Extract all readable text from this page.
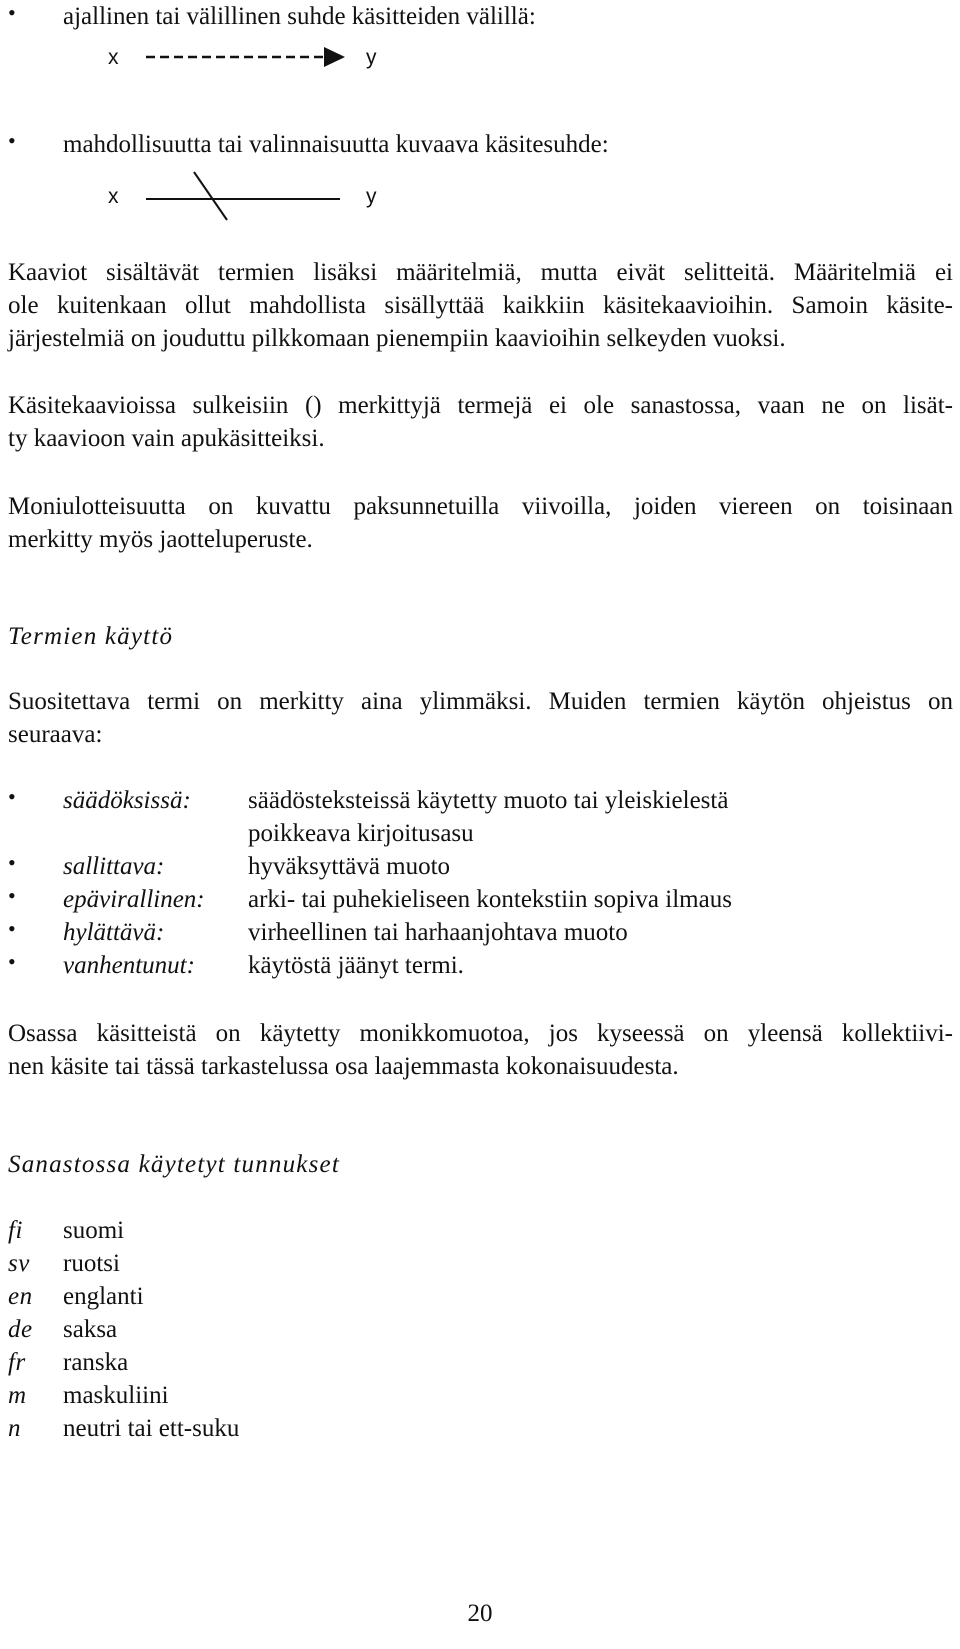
• ajallinen tai välillinen suhde käsitteiden välillä:
x	y
• mahdollisuutta tai valinnaisuutta kuvaava käsitesuhde:
x	y
Kaaviot sisältävät termien lisäksi määritelmiä, mutta eivät selitteitä. Määritelmiä ei
ole kuitenkaan ollut mahdollista sisällyttää kaikkiin käsitekaavioihin. Samoin käsite-
järjestelmiä on jouduttu pilkkomaan pienempiin kaavioihin selkeyden vuoksi.
Käsitekaavioissa sulkeisiin () merkittyjä termejä ei ole sanastossa, vaan ne on lisät-
ty kaavioon vain apukäsitteiksi.
Moniulotteisuutta on kuvattu paksunnetuilla viivoilla, joiden viereen on toisinaan
merkitty myös jaotteluperuste.
Termien käyttö
Suositettava termi on merkitty aina ylimmäksi. Muiden termien käytön ohjeistus on
seuraava:
• säädöksissä: säädösteksteissä käytetty muoto tai yleiskielestä
poikkeava kirjoitusasu
• sallittava:	hyväksyttävä muoto
• epävirallinen: arki- tai puhekieliseen kontekstiin sopiva ilmaus
• hylättävä:	virheellinen tai harhaanjohtava muoto
• vanhentunut: käytöstä jäänyt termi.
Osassa käsitteistä on käytetty monikkomuotoa, jos kyseessä on yleensä kollektiivi-
nen käsite tai tässä tarkastelussa osa laajemmasta kokonaisuudesta.
Sanastossa käytetyt tunnukset
fi suomi
sv ruotsi
en englanti
de saksa
fr ranska
m maskuliini
n neutri tai ett-suku
20
